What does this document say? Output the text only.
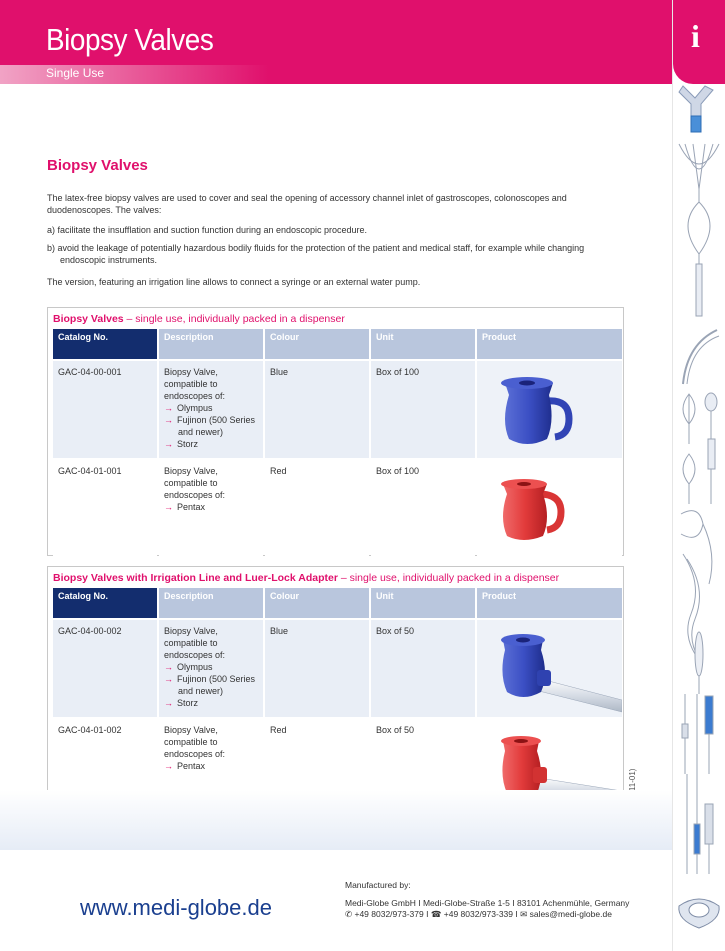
Biopsy Valves
Single Use
i
Biopsy Valves
The latex-free biopsy valves are used to cover and seal the opening of accessory channel inlet of gastroscopes, colonoscopes and duodenoscopes. The valves:
a) facilitate the insufflation and suction function during an endoscopic procedure.
b) avoid the leakage of potentially hazardous bodily fluids for the protection of the patient and medical staff, for example while changing endoscopic instruments.
The version, featuring an irrigation line allows to connect a syringe or an external water pump.
Biopsy Valves – single use, individually packed in a dispenser
Catalog No.	Description	Colour	Unit	Product
GAC-04-00-001	Biopsy Valve, compatible to endoscopes of:
→ Olympus
→ Fujinon (500 Series and newer)
→ Storz	Blue	Box of 100	
GAC-04-01-001	Biopsy Valve, compatible to endoscopes of:
→ Pentax	Red	Box of 100	
Biopsy Valves with Irrigation Line and Luer-Lock Adapter – single use, individually packed in a dispenser
Catalog No.	Description	Colour	Unit	Product
GAC-04-00-002	Biopsy Valve, compatible to endoscopes of:
→ Olympus
→ Fujinon (500 Series and newer)
→ Storz	Blue	Box of 50	
GAC-04-01-002	Biopsy Valve, compatible to endoscopes of:
→ Pentax	Red	Box of 50	
www.medi-globe.de
Manufactured by:
Medi-Globe GmbH I Medi-Globe-Straße 1-5 I 83101 Achenmühle, Germany
✆ +49 8032/973-379 I ☎ +49 8032/973-339 I ✉ sales@medi-globe.de
